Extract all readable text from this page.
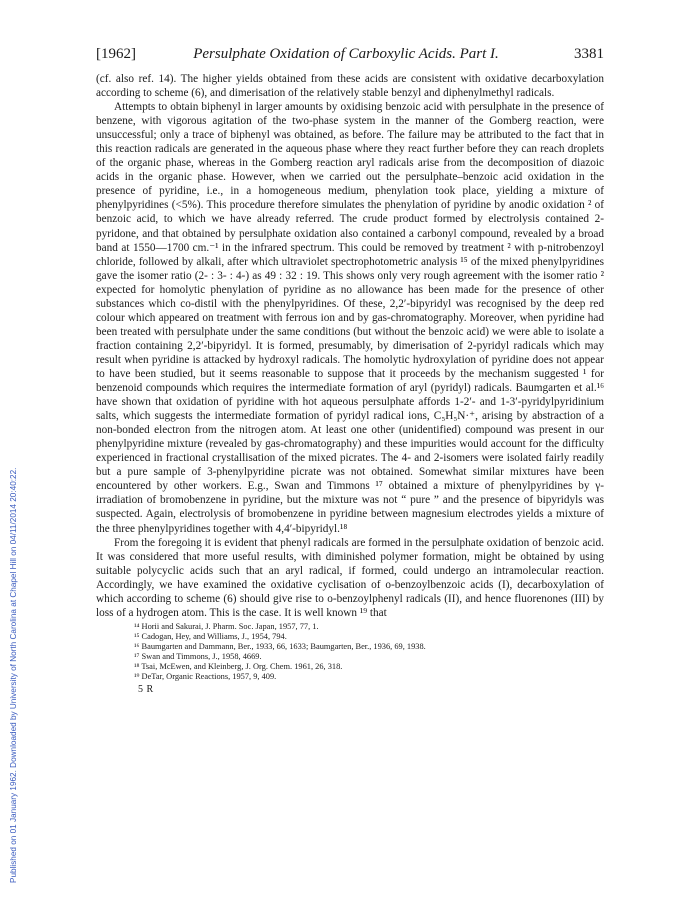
Published on 01 January 1962. Downloaded by University of North Carolina at Chapel Hill on 04/11/2014 20:40:22.
[1962]	Persulphate Oxidation of Carboxylic Acids. Part I.	3381

(cf. also ref. 14). The higher yields obtained from these acids are consistent with oxidative decarboxylation according to scheme (6), and dimerisation of the relatively stable benzyl and diphenylmethyl radicals.

Attempts to obtain biphenyl in larger amounts by oxidising benzoic acid with persulphate in the presence of benzene, with vigorous agitation of the two-phase system in the manner of the Gomberg reaction, were unsuccessful; only a trace of biphenyl was obtained, as before. The failure may be attributed to the fact that in this reaction radicals are generated in the aqueous phase where they react further before they can reach droplets of the organic phase, whereas in the Gomberg reaction aryl radicals arise from the decomposition of diazoic acids in the organic phase. However, when we carried out the persulphate–benzoic acid oxidation in the presence of pyridine, i.e., in a homogeneous medium, phenylation took place, yielding a mixture of phenylpyridines (<5%). This procedure therefore simulates the phenylation of pyridine by anodic oxidation ² of benzoic acid, to which we have already referred. The crude product formed by electrolysis contained 2-pyridone, and that obtained by persulphate oxidation also contained a carbonyl compound, revealed by a broad band at 1550—1700 cm.⁻¹ in the infrared spectrum. This could be removed by treatment ² with p-nitrobenzoyl chloride, followed by alkali, after which ultraviolet spectrophotometric analysis ¹⁵ of the mixed phenylpyridines gave the isomer ratio (2- : 3- : 4-) as 49 : 32 : 19. This shows only very rough agreement with the isomer ratio ² expected for homolytic phenylation of pyridine as no allowance has been made for the presence of other substances which co-distil with the phenylpyridines. Of these, 2,2′-bipyridyl was recognised by the deep red colour which appeared on treatment with ferrous ion and by gas-chromatography. Moreover, when pyridine had been treated with persulphate under the same conditions (but without the benzoic acid) we were able to isolate a fraction containing 2,2′-bipyridyl. It is formed, presumably, by dimerisation of 2-pyridyl radicals which may result when pyridine is attacked by hydroxyl radicals. The homolytic hydroxylation of pyridine does not appear to have been studied, but it seems reasonable to suppose that it proceeds by the mechanism suggested ¹ for benzenoid compounds which requires the intermediate formation of aryl (pyridyl) radicals. Baumgarten et al.¹⁶ have shown that oxidation of pyridine with hot aqueous persulphate affords 1-2′- and 1-3′-pyridylpyridinium salts, which suggests the intermediate formation of pyridyl radical ions, C₅H₅N·⁺, arising by abstraction of a non-bonded electron from the nitrogen atom. At least one other (unidentified) compound was present in our phenylpyridine mixture (revealed by gas-chromatography) and these impurities would account for the difficulty experienced in fractional crystallisation of the mixed picrates. The 4- and 2-isomers were isolated fairly readily but a pure sample of 3-phenylpyridine picrate was not obtained. Somewhat similar mixtures have been encountered by other workers. E.g., Swan and Timmons ¹⁷ obtained a mixture of phenylpyridines by γ-irradiation of bromobenzene in pyridine, but the mixture was not “ pure ” and the presence of bipyridyls was suspected. Again, electrolysis of bromobenzene in pyridine between magnesium electrodes yields a mixture of the three phenylpyridines together with 4,4′-bipyridyl.¹⁸

From the foregoing it is evident that phenyl radicals are formed in the persulphate oxidation of benzoic acid. It was considered that more useful results, with diminished polymer formation, might be obtained by using suitable polycyclic acids such that an aryl radical, if formed, could undergo an intramolecular reaction. Accordingly, we have examined the oxidative cyclisation of o-benzoylbenzoic acids (I), decarboxylation of which according to scheme (6) should give rise to o-benzoylphenyl radicals (II), and hence fluorenones (III) by loss of a hydrogen atom. This is the case. It is well known ¹⁹ that

¹⁴ Horii and Sakurai, J. Pharm. Soc. Japan, 1957, 77, 1.
¹⁵ Cadogan, Hey, and Williams, J., 1954, 794.
¹⁶ Baumgarten and Dammann, Ber., 1933, 66, 1633; Baumgarten, Ber., 1936, 69, 1938.
¹⁷ Swan and Timmons, J., 1958, 4669.
¹⁸ Tsai, McEwen, and Kleinberg, J. Org. Chem. 1961, 26, 318.
¹⁹ DeTar, Organic Reactions, 1957, 9, 409.
5 R
